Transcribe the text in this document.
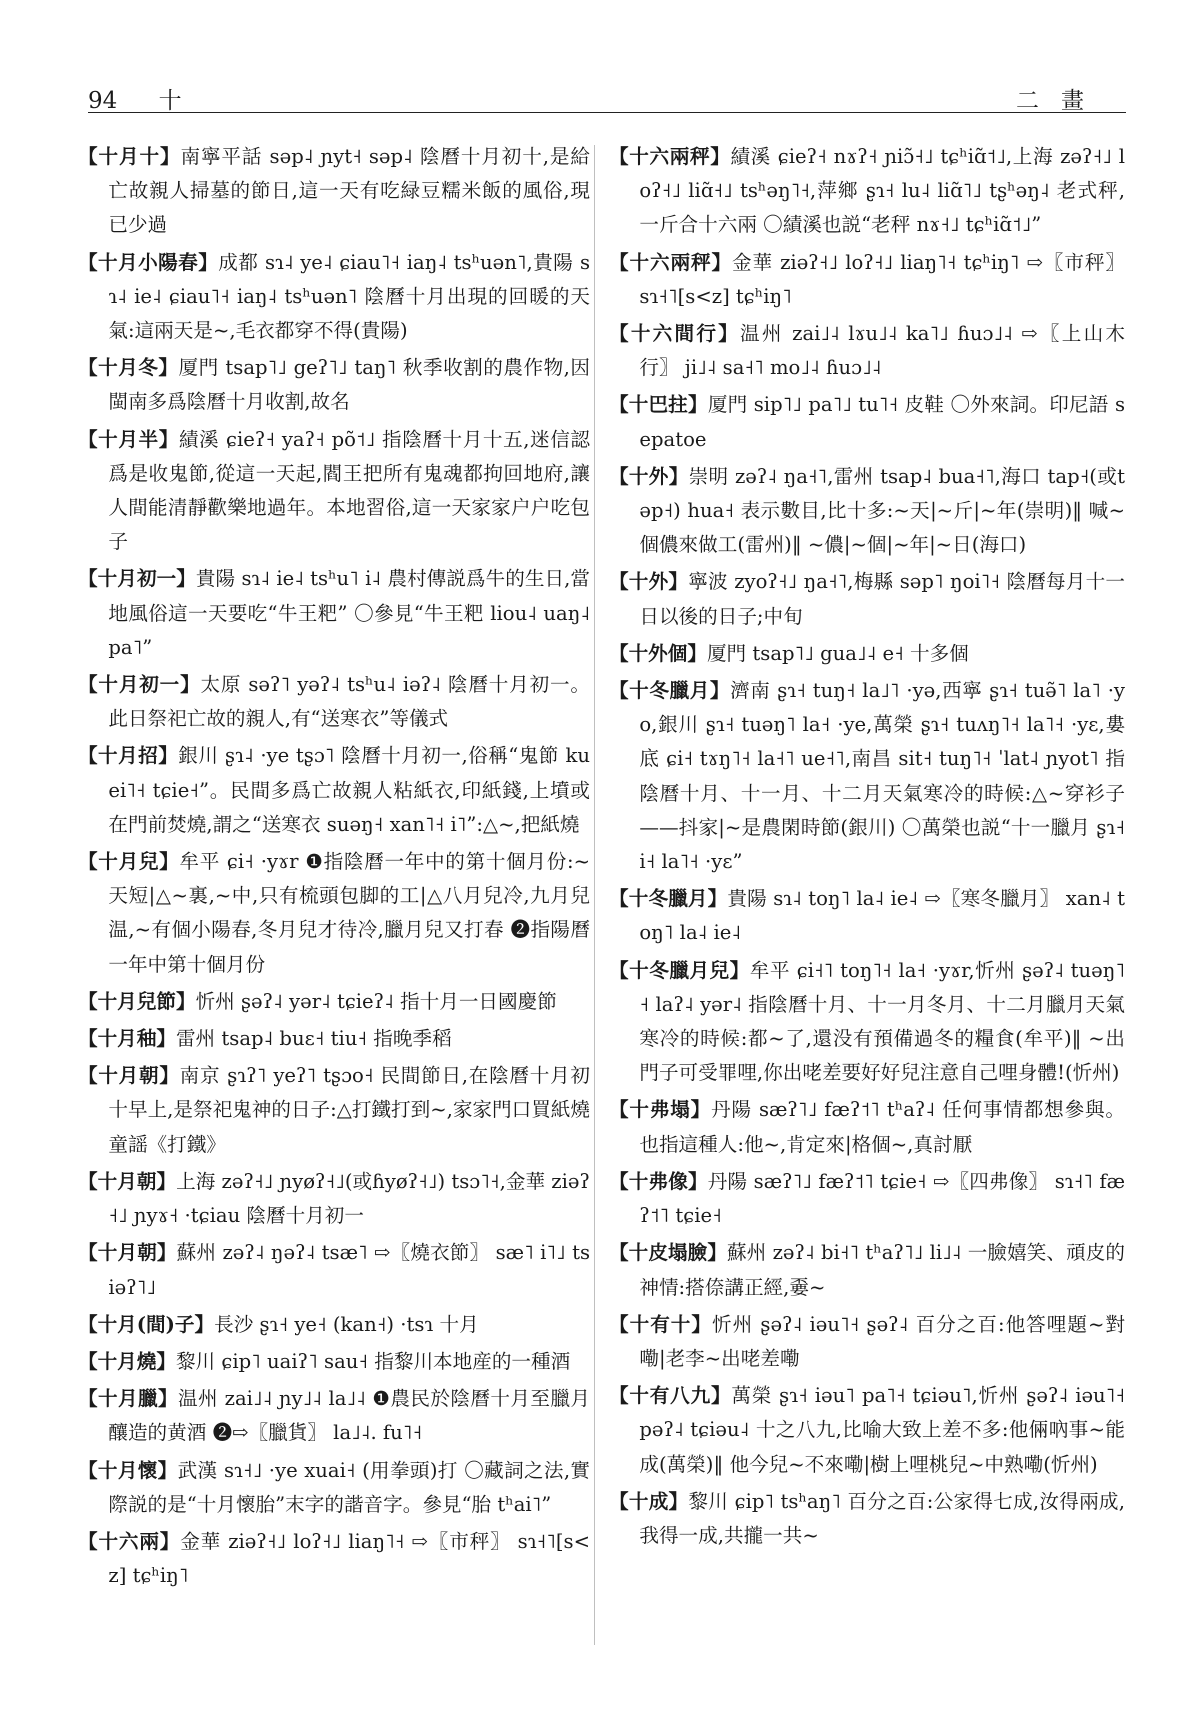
94 十	二畫

【十月十】南寧平話 səp˨ ɲyt˧ səp˨ 陰曆十月初十,是給亡故親人掃墓的節日,這一天有吃緑豆糯米飯的風俗,現已少過

【十月小陽春】成都 sɿ˨ ye˨ ɕiau˥˧ iaŋ˨ tsʰuən˥,貴陽 sɿ˨ ie˨ ɕiau˥˧ iaŋ˨ tsʰuən˥ 陰曆十月出現的回暖的天氣:這兩天是~,毛衣都穿不得(貴陽)

【十月冬】厦門 tsap˥˩ geʔ˥˩ taŋ˥ 秋季收割的農作物,因閩南多爲陰曆十月收割,故名

【十月半】績溪 ɕieʔ˧ yaʔ˧ põ˦˩ 指陰曆十月十五,迷信認爲是收鬼節,從這一天起,閻王把所有鬼魂都拘回地府,讓人間能清靜歡樂地過年。本地習俗,這一天家家户户吃包子

【十月初一】貴陽 sɿ˨ ie˨ tsʰu˥ i˨ 農村傳説爲牛的生日,當地風俗這一天要吃“牛王粑” 〇參見“牛王粑 liou˨ uaŋ˨ pa˥”

【十月初一】太原 səʔ˥ yəʔ˨ tsʰu˨ iəʔ˨ 陰曆十月初一。此日祭祀亡故的親人,有“送寒衣”等儀式

【十月招】銀川 ʂɿ˨ ·ye tʂɔ˥ 陰曆十月初一,俗稱“鬼節 kuei˥˧ tɕie˧”。民間多爲亡故親人粘紙衣,印紙錢,上墳或在門前焚燒,謂之“送寒衣 suəŋ˧ xan˥˧ i˥”:△~,把紙燒

【十月兒】牟平 ɕi˧ ·yɤr ❶指陰曆一年中的第十個月份:~天短|△~裏,~中,只有梳頭包脚的工|△八月兒冷,九月兒温,~有個小陽春,冬月兒才待冷,臘月兒又打春 ❷指陽曆一年中第十個月份

【十月兒節】忻州 ʂəʔ˨ yər˨ tɕieʔ˨ 指十月一日國慶節

【十月秞】雷州 tsap˨ buɛ˧ tiu˧ 指晚季稻

【十月朝】南京 ʂɿʔ˥ yeʔ˥ tʂɔo˧ 民間節日,在陰曆十月初十早上,是祭祀鬼神的日子:△打鐵打到~,家家門口買紙燒童謡《打鐵》

【十月朝】上海 zəʔ˧˩ ɲyøʔ˧˩(或ɦyøʔ˧˩) tsɔ˥˧,金華 ziəʔ˧˩ ɲyɤ˧ ·tɕiau 陰曆十月初一

【十月朝】蘇州 zəʔ˨ ŋəʔ˨ tsæ˥ ⇨〖燒衣節〗 sæ˥ i˥˩ tsiəʔ˥˩

【十月(間)子】長沙 ʂɿ˧ ye˧ (kan˧) ·tsɿ 十月

【十月燒】黎川 ɕip˥ uaiʔ˥ sau˧ 指黎川本地産的一種酒

【十月臘】温州 zai˩˨ ɲy˩˨ la˩˨ ❶農民於陰曆十月至臘月釀造的黄酒 ❷⇨〖臘貨〗 la˩˨. fu˥˧

【十月懷】武漢 sɿ˧˩ ·ye xuai˧ (用拳頭)打 〇藏詞之法,實際説的是“十月懷胎”末字的諧音字。參見“胎 tʰai˥”

【十六兩】金華 ziəʔ˧˩ loʔ˧˩ liaŋ˥˧ ⇨〖市秤〗 sɿ˧˥[s<z] tɕʰiŋ˥

【十六兩秤】績溪 ɕieʔ˧ nɤʔ˧ ɲiɔ̃˧˩ tɕʰiɑ̃˦˩,上海 zəʔ˧˩ loʔ˧˩ liɑ̃˧˩ tsʰəŋ˥˧,萍鄉 ʂɿ˧ lu˨ liɑ̃˥˩ tʂʰəŋ˨ 老式秤,一斤合十六兩 〇績溪也説“老秤 nɤ˧˩ tɕʰiɑ̃˦˩”

【十六兩秤】金華 ziəʔ˧˩ loʔ˧˩ liaŋ˥˧ tɕʰiŋ˥ ⇨〖市秤〗 sɿ˧˥[s<z] tɕʰiŋ˥

【十六間行】温州 zai˩˨ lɤu˩˨ ka˥˩ ɦuɔ˩˨ ⇨〖上山木行〗 ji˩˨ sa˧˥ mo˩˨ ɦuɔ˩˨

【十巴拄】厦門 sip˥˩ pa˥˩ tu˥˧ 皮鞋 〇外來詞。印尼語 sepatoe

【十外】崇明 zəʔ˨ ŋa˧˥,雷州 tsap˨ bua˧˥,海口 tap˧(或təp˧) hua˧ 表示數目,比十多:~天|~斤|~年(崇明)‖ 喊~個儂來做工(雷州)‖ ~儂|~個|~年|~日(海口)

【十外】寧波 zyoʔ˧˩ ŋa˧˥,梅縣 səp˥ ŋoi˥˧ 陰曆每月十一日以後的日子;中旬

【十外個】厦門 tsap˥˩ gua˩˨ e˧ 十多個

【十冬臘月】濟南 ʂɿ˧ tuŋ˧ la˩˥ ·yə,西寧 ʂɿ˧ tuə̃˥ la˥ ·yo,銀川 ʂɿ˧ tuəŋ˥ la˧ ·ye,萬榮 ʂɿ˧ tuʌŋ˥˧ la˥˧ ·yɛ,婁底 ɕi˧ tɤŋ˥˧ la˧˥ ue˧˥,南昌 sit˧ tuŋ˥˧ ˈlat˨ ɲyot˥ 指陰曆十月、十一月、十二月天氣寒冷的時候:△~穿衫子——抖家|~是農閑時節(銀川) 〇萬榮也説“十一臘月 ʂɿ˧ i˧ la˥˧ ·yɛ”

【十冬臘月】貴陽 sɿ˨ toŋ˥ la˨ ie˨ ⇨〖寒冬臘月〗 xan˨ toŋ˥ la˨ ie˨

【十冬臘月兒】牟平 ɕi˧˥ toŋ˥˧ la˧ ·yɤr,忻州 ʂəʔ˨ tuəŋ˥˧ laʔ˨ yər˨ 指陰曆十月、十一月冬月、十二月臘月天氣寒冷的時候:都~了,還没有預備過冬的糧食(牟平)‖ ~出門子可受罪哩,你出咾差要好好兒注意自己哩身體!(忻州)

【十弗塌】丹陽 sæʔ˥˩ fæʔ˦˥ tʰaʔ˨ 任何事情都想參與。也指這種人:他~,肯定來|格個~,真討厭

【十弗像】丹陽 sæʔ˥˩ fæʔ˦˥ tɕie˧ ⇨〖四弗像〗 sɿ˧˥ fæʔ˦˥ tɕie˧

【十皮塌臉】蘇州 zəʔ˨ bi˧˥ tʰaʔ˥˩ li˩˨ 一臉嬉笑、頑皮的神情:搭倷講正經,嫑~

【十有十】忻州 ʂəʔ˨ iəu˥˧ ʂəʔ˨ 百分之百:他答哩題~對嘞|老李~出咾差嘞

【十有八九】萬榮 ʂɿ˧ iəu˥ pa˥˧ tɕiəu˥,忻州 ʂəʔ˨ iəu˥˧ pəʔ˨ tɕiəu˨ 十之八九,比喻大致上差不多:他倆吶事~能成(萬榮)‖ 他今兒~不來嘞|樹上哩桃兒~中熟嘞(忻州)

【十成】黎川 ɕip˥ tsʰaŋ˥ 百分之百:公家得七成,汝得兩成,我得一成,共攏一共~
